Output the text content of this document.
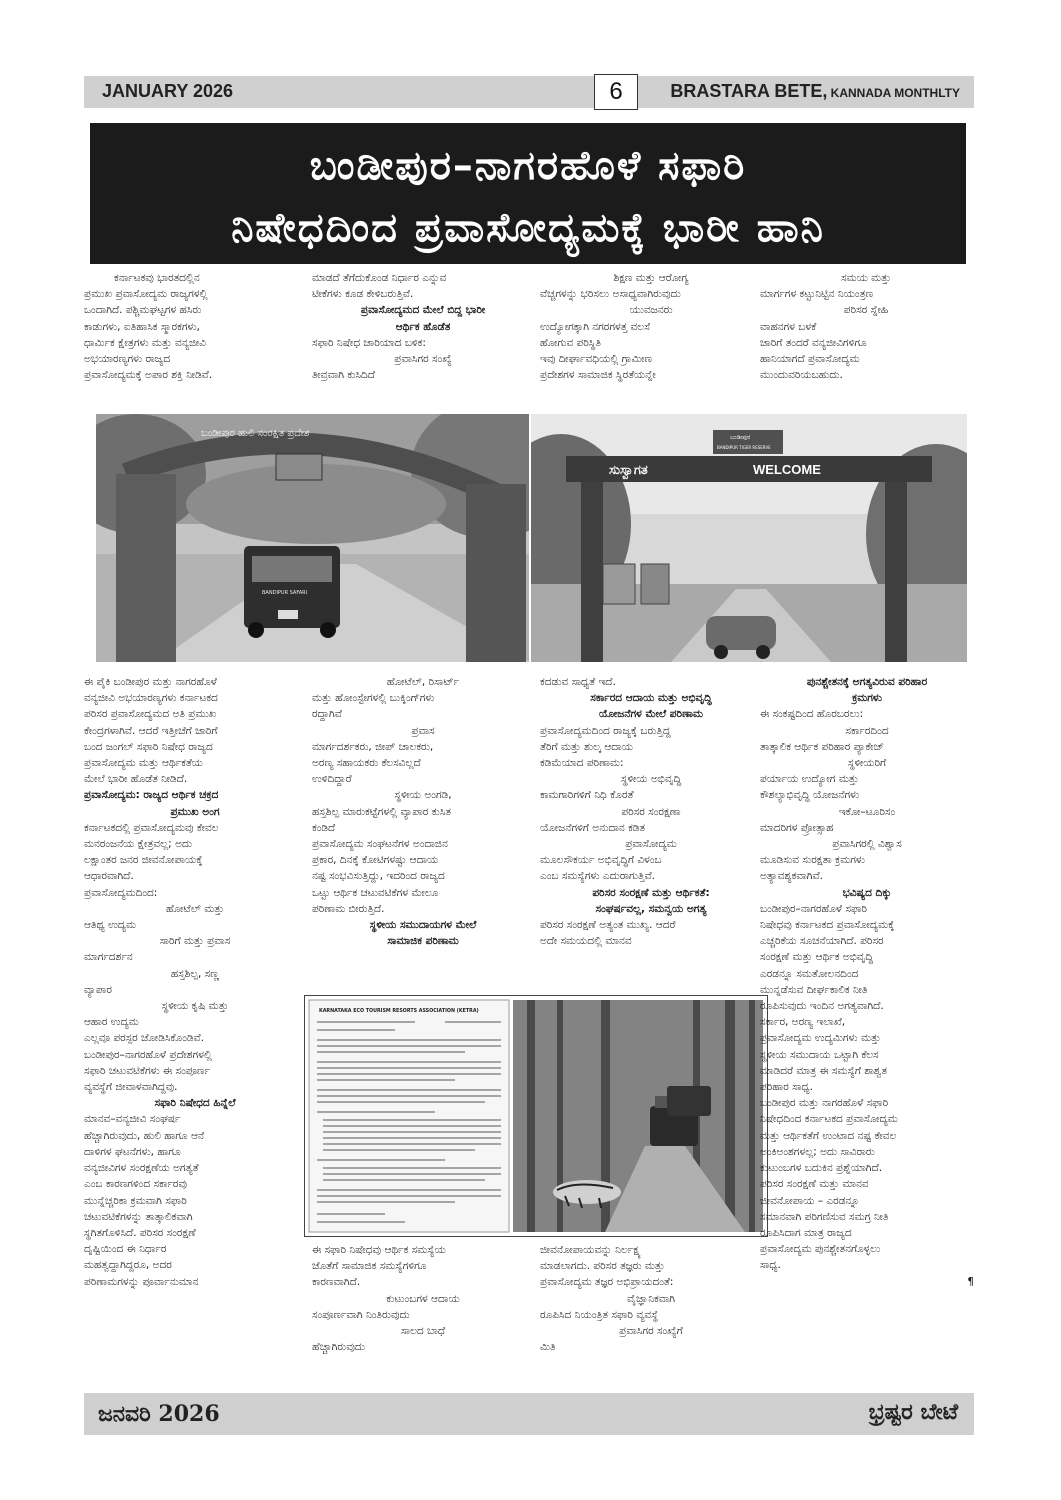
JANUARY 2026	6	BRASTARA BETE, KANNADA MONTHLTY
ಬಂಡೀಪುರ–ನಾಗರಹೊಳೆ ಸಫಾರಿ
ನಿಷೇಧದಿಂದ ಪ್ರವಾಸೋದ್ಯಮಕ್ಕೆ ಭಾರೀ ಹಾನಿ

ಕರ್ನಾಟಕವು ಭಾರತದಲ್ಲಿನ

ಪ್ರಮುಖ ಪ್ರವಾಸೋದ್ಯಮ ರಾಜ್ಯಗಳಲ್ಲಿ

ಒಂದಾಗಿದೆ. ಪಶ್ಚಿಮಘಟ್ಟಗಳ ಹಸಿರು

ಕಾಡುಗಳು, ಐತಿಹಾಸಿಕ ಸ್ಮಾರಕಗಳು,

ಧಾರ್ಮಿಕ ಕ್ಷೇತ್ರಗಳು ಮತ್ತು ವನ್ಯಜೀವಿ

ಅಭಯಾರಣ್ಯಗಳು ರಾಜ್ಯದ

ಪ್ರವಾಸೋದ್ಯಮಕ್ಕೆ ಅಪಾರ ಶಕ್ತಿ ನೀಡಿವೆ.

ಮಾಡದೆ ತೆಗೆದುಕೊಂಡ ನಿರ್ಧಾರ ಎನ್ನುವ

ಟೀಕೆಗಳು ಕೂಡ ಕೇಳಿಬರುತ್ತಿವೆ.

ಪ್ರವಾಸೋದ್ಯಮದ ಮೇಲೆ ಬಿದ್ದ ಭಾರೀ

ಆರ್ಥಿಕ ಹೊಡೆತ

ಸಫಾರಿ ನಿಷೇಧ ಜಾರಿಯಾದ ಬಳಿಕ:

ಪ್ರವಾಸಿಗರ ಸಂಖ್ಯೆ

ತೀವ್ರವಾಗಿ ಕುಸಿದಿದೆ

ಶಿಕ್ಷಣ ಮತ್ತು ಆರೋಗ್ಯ

ವೆಚ್ಚಗಳನ್ನು ಭರಿಸಲು ಅಸಾಧ್ಯವಾಗಿರುವುದು

ಯುವಜನರು

ಉದ್ಯೋಗಕ್ಕಾಗಿ ನಗರಗಳತ್ತ ವಲಸೆ

ಹೋಗುವ ಪರಿಸ್ಥಿತಿ

ಇವು ದೀರ್ಘಾವಧಿಯಲ್ಲಿ ಗ್ರಾಮೀಣ

ಪ್ರದೇಶಗಳ ಸಾಮಾಜಿಕ ಸ್ಥಿರತೆಯನ್ನೇ

ಸಮಯ ಮತ್ತು

ಮಾರ್ಗಗಳ ಕಟ್ಟುನಿಟ್ಟಿನ ನಿಯಂತ್ರಣ

ಪರಿಸರ ಸ್ನೇಹಿ

ವಾಹನಗಳ ಬಳಕೆ

ಜಾರಿಗೆ ತಂದರೆ ವನ್ಯಜೀವಿಗಳಿಗೂ

ಹಾನಿಯಾಗದೆ ಪ್ರವಾಸೋದ್ಯಮ

ಮುಂದುವರಿಯಬಹುದು.

ಬಂಡೀಪುರ ಹುಲಿ ಸಂರಕ್ಷಿತ ಪ್ರದೇಶ
BANDIPUR SAFARI
ಬಂಡೀಪುರ
BANDIPUR TIGER RESERVE
ಸುಸ್ವಾಗತ	WELCOME

ಈ ಪೈಕಿ ಬಂಡೀಪುರ ಮತ್ತು ನಾಗರಹೊಳೆ

ವನ್ಯಜೀವಿ ಅಭಯಾರಣ್ಯಗಳು ಕರ್ನಾಟಕದ

ಪರಿಸರ ಪ್ರವಾಸೋದ್ಯಮದ ಅತಿ ಪ್ರಮುಖ

ಕೇಂದ್ರಗಳಾಗಿವೆ. ಆದರೆ ಇತ್ತೀಚೆಗೆ ಜಾರಿಗೆ

ಬಂದ ಜಂಗಲ್ ಸಫಾರಿ ನಿಷೇಧ ರಾಜ್ಯದ

ಪ್ರವಾಸೋದ್ಯಮ ಮತ್ತು ಆರ್ಥಿಕತೆಯ

ಮೇಲೆ ಭಾರೀ ಹೊಡೆತ ನೀಡಿದೆ.

ಪ್ರವಾಸೋದ್ಯಮ: ರಾಜ್ಯದ ಆರ್ಥಿಕ ಚಕ್ರದ

ಪ್ರಮುಖ ಅಂಗ

ಕರ್ನಾಟಕದಲ್ಲಿ ಪ್ರವಾಸೋದ್ಯಮವು ಕೇವಲ

ಮನರಂಜನೆಯ ಕ್ಷೇತ್ರವಲ್ಲ; ಅದು

ಲಕ್ಷಾಂತರ ಜನರ ಜೀವನೋಪಾಯಕ್ಕೆ

ಆಧಾರವಾಗಿದೆ.

ಪ್ರವಾಸೋದ್ಯಮದಿಂದ:

ಹೋಟೆಲ್ ಮತ್ತು

ಆತಿಥ್ಯ ಉದ್ಯಮ

ಸಾರಿಗೆ ಮತ್ತು ಪ್ರವಾಸ

ಮಾರ್ಗದರ್ಶನ

ಹಸ್ತಶಿಲ್ಪ, ಸಣ್ಣ

ವ್ಯಾಪಾರ

ಸ್ಥಳೀಯ ಕೃಷಿ ಮತ್ತು

ಆಹಾರ ಉದ್ಯಮ

ಎಲ್ಲವೂ ಪರಸ್ಪರ ಜೋಡಿಸಿಕೊಂಡಿವೆ.

ಬಂಡೀಪುರ–ನಾಗರಹೊಳೆ ಪ್ರದೇಶಗಳಲ್ಲಿ

ಸಫಾರಿ ಚಟುವಟಿಕೆಗಳು ಈ ಸಂಪೂರ್ಣ

ವ್ಯವಸ್ಥೆಗೆ ಜೀವಾಳವಾಗಿದ್ದವು.

ಸಫಾರಿ ನಿಷೇಧದ ಹಿನ್ನೆಲೆ

ಮಾನವ–ವನ್ಯಜೀವಿ ಸಂಘರ್ಷ

ಹೆಚ್ಚಾಗಿರುವುದು, ಹುಲಿ ಹಾಗೂ ಆನೆ

ದಾಳಿಗಳ ಘಟನೆಗಳು, ಹಾಗೂ

ವನ್ಯಜೀವಿಗಳ ಸಂರಕ್ಷಣೆಯ ಅಗತ್ಯತೆ

ಎಂಬ ಕಾರಣಗಳಿಂದ ಸರ್ಕಾರವು

ಮುನ್ನೆಚ್ಚರಿಕಾ ಕ್ರಮವಾಗಿ ಸಫಾರಿ

ಚಟುವಟಿಕೆಗಳನ್ನು ತಾತ್ಕಾಲಿಕವಾಗಿ

ಸ್ಥಗಿತಗೊಳಿಸಿದೆ. ಪರಿಸರ ಸಂರಕ್ಷಣೆ

ದೃಷ್ಟಿಯಿಂದ ಈ ನಿರ್ಧಾರ

ಮಹತ್ವದ್ದಾಗಿದ್ದರೂ, ಅದರ

ಪರಿಣಾಮಗಳನ್ನು ಪೂರ್ವಾನುಮಾನ

ಹೋಟೆಲ್, ರಿಸಾರ್ಟ್

ಮತ್ತು ಹೋಂಸ್ಟೇಗಳಲ್ಲಿ ಬುಕ್ಕಿಂಗ್‌ಗಳು

ರದ್ದಾಗಿವೆ

ಪ್ರವಾಸ

ಮಾರ್ಗದರ್ಶಕರು, ಜೀಪ್ ಚಾಲಕರು,

ಅರಣ್ಯ ಸಹಾಯಕರು ಕೆಲಸವಿಲ್ಲದೆ

ಉಳಿದಿದ್ದಾರೆ

ಸ್ಥಳೀಯ ಅಂಗಡಿ,

ಹಸ್ತಶಿಲ್ಪ ಮಾರುಕಟ್ಟೆಗಳಲ್ಲಿ ವ್ಯಾಪಾರ ಕುಸಿತ

ಕಂಡಿದೆ

ಪ್ರವಾಸೋದ್ಯಮ ಸಂಘಟನೆಗಳ ಅಂದಾಜಿನ

ಪ್ರಕಾರ, ದಿನಕ್ಕೆ ಕೋಟಿಗಳಷ್ಟು ಆದಾಯ

ನಷ್ಟ ಸಂಭವಿಸುತ್ತಿದ್ದು, ಇದರಿಂದ ರಾಜ್ಯದ

ಒಟ್ಟು ಆರ್ಥಿಕ ಚಟುವಟಿಕೆಗಳ ಮೇಲೂ

ಪರಿಣಾಮ ಬೀರುತ್ತಿದೆ.

ಸ್ಥಳೀಯ ಸಮುದಾಯಗಳ ಮೇಲೆ

ಸಾಮಾಜಿಕ ಪರಿಣಾಮ

ಕದಡುವ ಸಾಧ್ಯತೆ ಇದೆ.

ಸರ್ಕಾರದ ಆದಾಯ ಮತ್ತು ಅಭಿವೃದ್ಧಿ

ಯೋಜನೆಗಳ ಮೇಲೆ ಪರಿಣಾಮ

ಪ್ರವಾಸೋದ್ಯಮದಿಂದ ರಾಜ್ಯಕ್ಕೆ ಬರುತ್ತಿದ್ದ

ತೆರಿಗೆ ಮತ್ತು ಶುಲ್ಕ ಆದಾಯ

ಕಡಿಮೆಯಾದ ಪರಿಣಾಮ:

ಸ್ಥಳೀಯ ಅಭಿವೃದ್ಧಿ

ಕಾಮಗಾರಿಗಳಿಗೆ ನಿಧಿ ಕೊರತೆ

ಪರಿಸರ ಸಂರಕ್ಷಣಾ

ಯೋಜನೆಗಳಿಗೆ ಅನುದಾನ ಕಡಿತ

ಪ್ರವಾಸೋದ್ಯಮ

ಮೂಲಸೌಕರ್ಯ ಅಭಿವೃದ್ಧಿಗೆ ವಿಳಂಬ

ಎಂಬ ಸಮಸ್ಯೆಗಳು ಎದುರಾಗುತ್ತಿವೆ.

ಪರಿಸರ ಸಂರಕ್ಷಣೆ ಮತ್ತು ಆರ್ಥಿಕತೆ:

ಸಂಘರ್ಷವಲ್ಲ, ಸಮನ್ವಯ ಅಗತ್ಯ

ಪರಿಸರ ಸಂರಕ್ಷಣೆ ಅತ್ಯಂತ ಮುಖ್ಯ. ಆದರೆ

ಅದೇ ಸಮಯದಲ್ಲಿ ಮಾನವ

KARNATAKA ECO TOURISM RESORTS ASSOCIATION (KETRA)

ಈ ಸಫಾರಿ ನಿಷೇಧವು ಆರ್ಥಿಕ ಸಮಸ್ಯೆಯ

ಜೊತೆಗೆ ಸಾಮಾಜಿಕ ಸಮಸ್ಯೆಗಳಿಗೂ

ಕಾರಣವಾಗಿದೆ.

ಕುಟುಂಬಗಳ ಆದಾಯ

ಸಂಪೂರ್ಣವಾಗಿ ನಿಂತಿರುವುದು

ಸಾಲದ ಬಾಧೆ

ಹೆಚ್ಚಾಗಿರುವುದು

ಜೀವನೋಪಾಯವನ್ನು ನಿರ್ಲಕ್ಷ್ಯ

ಮಾಡಲಾಗದು. ಪರಿಸರ ತಜ್ಞರು ಮತ್ತು

ಪ್ರವಾಸೋದ್ಯಮ ತಜ್ಞರ ಅಭಿಪ್ರಾಯದಂತೆ:

ವೈಜ್ಞಾನಿಕವಾಗಿ

ರೂಪಿಸಿದ ನಿಯಂತ್ರಿತ ಸಫಾರಿ ವ್ಯವಸ್ಥೆ

ಪ್ರವಾಸಿಗರ ಸಂಖ್ಯೆಗೆ

ಮಿತಿ

ಪುನಶ್ಚೇತನಕ್ಕೆ ಅಗತ್ಯವಿರುವ ಪರಿಹಾರ

ಕ್ರಮಗಳು

ಈ ಸಂಕಷ್ಟದಿಂದ ಹೊರಬರಲು:

ಸರ್ಕಾರದಿಂದ

ತಾತ್ಕಾಲಿಕ ಆರ್ಥಿಕ ಪರಿಹಾರ ಪ್ಯಾಕೇಜ್

ಸ್ಥಳೀಯರಿಗೆ

ಪರ್ಯಾಯ ಉದ್ಯೋಗ ಮತ್ತು

ಕೌಶಲ್ಯಾಭಿವೃದ್ಧಿ ಯೋಜನೆಗಳು

ಇಕೋ–ಟೂರಿಸಂ

ಮಾದರಿಗಳ ಪ್ರೋತ್ಸಾಹ

ಪ್ರವಾಸಿಗರಲ್ಲಿ ವಿಶ್ವಾಸ

ಮೂಡಿಸುವ ಸುರಕ್ಷತಾ ಕ್ರಮಗಳು

ಅತ್ಯಾವಶ್ಯಕವಾಗಿವೆ.

ಭವಿಷ್ಯದ ದಿಕ್ಕು

ಬಂಡೀಪುರ–ನಾಗರಹೊಳೆ ಸಫಾರಿ

ನಿಷೇಧವು ಕರ್ನಾಟಕದ ಪ್ರವಾಸೋದ್ಯಮಕ್ಕೆ

ಎಚ್ಚರಿಕೆಯ ಸೂಚನೆಯಾಗಿದೆ. ಪರಿಸರ

ಸಂರಕ್ಷಣೆ ಮತ್ತು ಆರ್ಥಿಕ ಅಭಿವೃದ್ಧಿ

ಎರಡನ್ನೂ ಸಮತೋಲನದಿಂದ

ಮುನ್ನಡೆಸುವ ದೀರ್ಘಕಾಲಿಕ ನೀತಿ

ರೂಪಿಸುವುದು ಇಂದಿನ ಅಗತ್ಯವಾಗಿದೆ.

ಸರ್ಕಾರ, ಅರಣ್ಯ ಇಲಾಖೆ,

ಪ್ರವಾಸೋದ್ಯಮ ಉದ್ಯಮಿಗಳು ಮತ್ತು

ಸ್ಥಳೀಯ ಸಮುದಾಯ ಒಟ್ಟಾಗಿ ಕೆಲಸ

ಮಾಡಿದರೆ ಮಾತ್ರ ಈ ಸಮಸ್ಯೆಗೆ ಶಾಶ್ವತ

ಪರಿಹಾರ ಸಾಧ್ಯ.

ಬಂಡೀಪುರ ಮತ್ತು ನಾಗರಹೊಳೆ ಸಫಾರಿ

ನಿಷೇಧದಿಂದ ಕರ್ನಾಟಕದ ಪ್ರವಾಸೋದ್ಯಮ

ಮತ್ತು ಆರ್ಥಿಕತೆಗೆ ಉಂಟಾದ ನಷ್ಟ ಕೇವಲ

ಅಂಕಿಅಂಶಗಳಲ್ಲ; ಅದು ಸಾವಿರಾರು

ಕುಟುಂಬಗಳ ಬದುಕಿನ ಪ್ರಶ್ನೆಯಾಗಿದೆ.

ಪರಿಸರ ಸಂರಕ್ಷಣೆ ಮತ್ತು ಮಾನವ

ಜೀವನೋಪಾಯ – ಎರಡನ್ನೂ

ಸಮಾನವಾಗಿ ಪರಿಗಣಿಸುವ ಸಮಗ್ರ ನೀತಿ

ರೂಪಿಸಿದಾಗ ಮಾತ್ರ ರಾಜ್ಯದ

ಪ್ರವಾಸೋದ್ಯಮ ಪುನಶ್ಚೇತನಗೊಳ್ಳಲು

ಸಾಧ್ಯ.

¶

ಜನವರಿ 2026	ಭ್ರಷ್ಟರ ಬೇಟೆ
